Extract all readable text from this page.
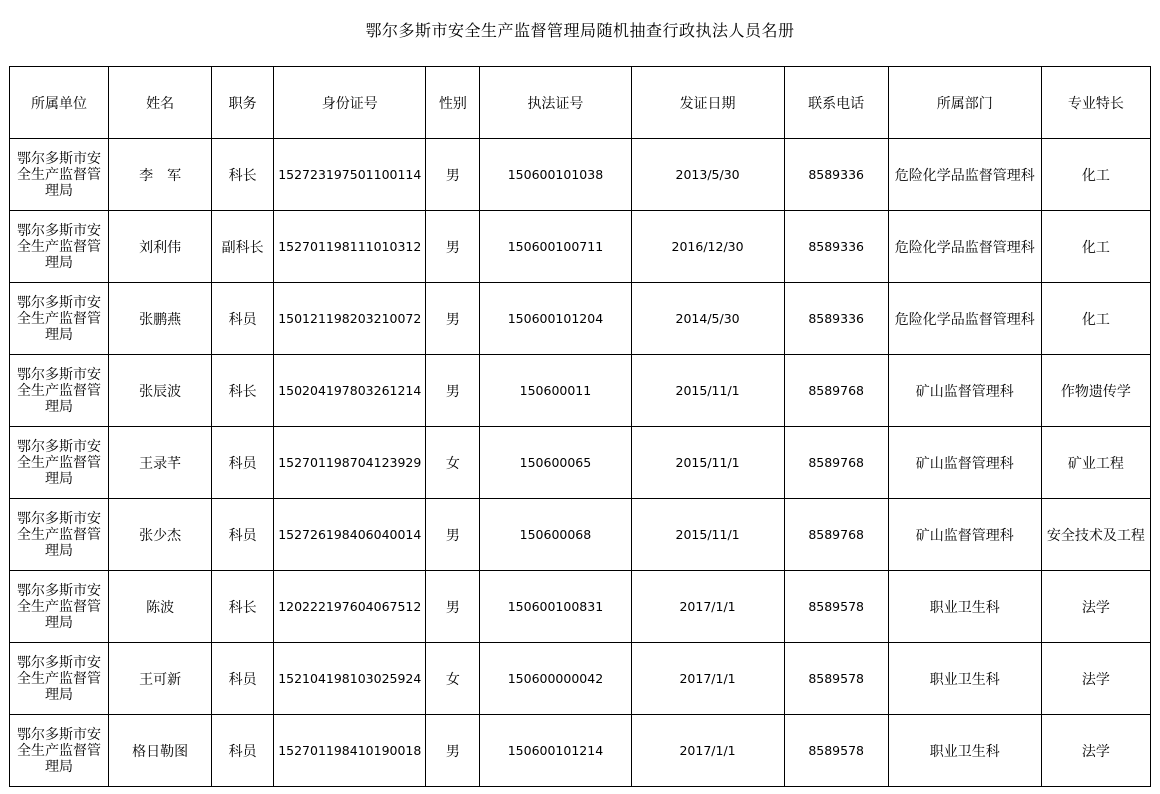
鄂尔多斯市安全生产监督管理局随机抽查行政执法人员名册
所属单位	姓名	职务	身份证号	性别	执法证号	发证日期	联系电话	所属部门	专业特长
鄂尔多斯市安全生产监督管理局	李　军	科长	152723197501100114	男	150600101038	2013/5/30	8589336	危险化学品监督管理科	化工
鄂尔多斯市安全生产监督管理局	刘利伟	副科长	152701198111010312	男	150600100711	2016/12/30	8589336	危险化学品监督管理科	化工
鄂尔多斯市安全生产监督管理局	张鹏燕	科员	150121198203210072	男	150600101204	2014/5/30	8589336	危险化学品监督管理科	化工
鄂尔多斯市安全生产监督管理局	张辰波	科长	150204197803261214	男	150600011	2015/11/1	8589768	矿山监督管理科	作物遗传学
鄂尔多斯市安全生产监督管理局	王录芊	科员	152701198704123929	女	150600065	2015/11/1	8589768	矿山监督管理科	矿业工程
鄂尔多斯市安全生产监督管理局	张少杰	科员	152726198406040014	男	150600068	2015/11/1	8589768	矿山监督管理科	安全技术及工程
鄂尔多斯市安全生产监督管理局	陈波	科长	120222197604067512	男	150600100831	2017/1/1	8589578	职业卫生科	法学
鄂尔多斯市安全生产监督管理局	王可新	科员	152104198103025924	女	150600000042	2017/1/1	8589578	职业卫生科	法学
鄂尔多斯市安全生产监督管理局	格日勒图	科员	152701198410190018	男	150600101214	2017/1/1	8589578	职业卫生科	法学
